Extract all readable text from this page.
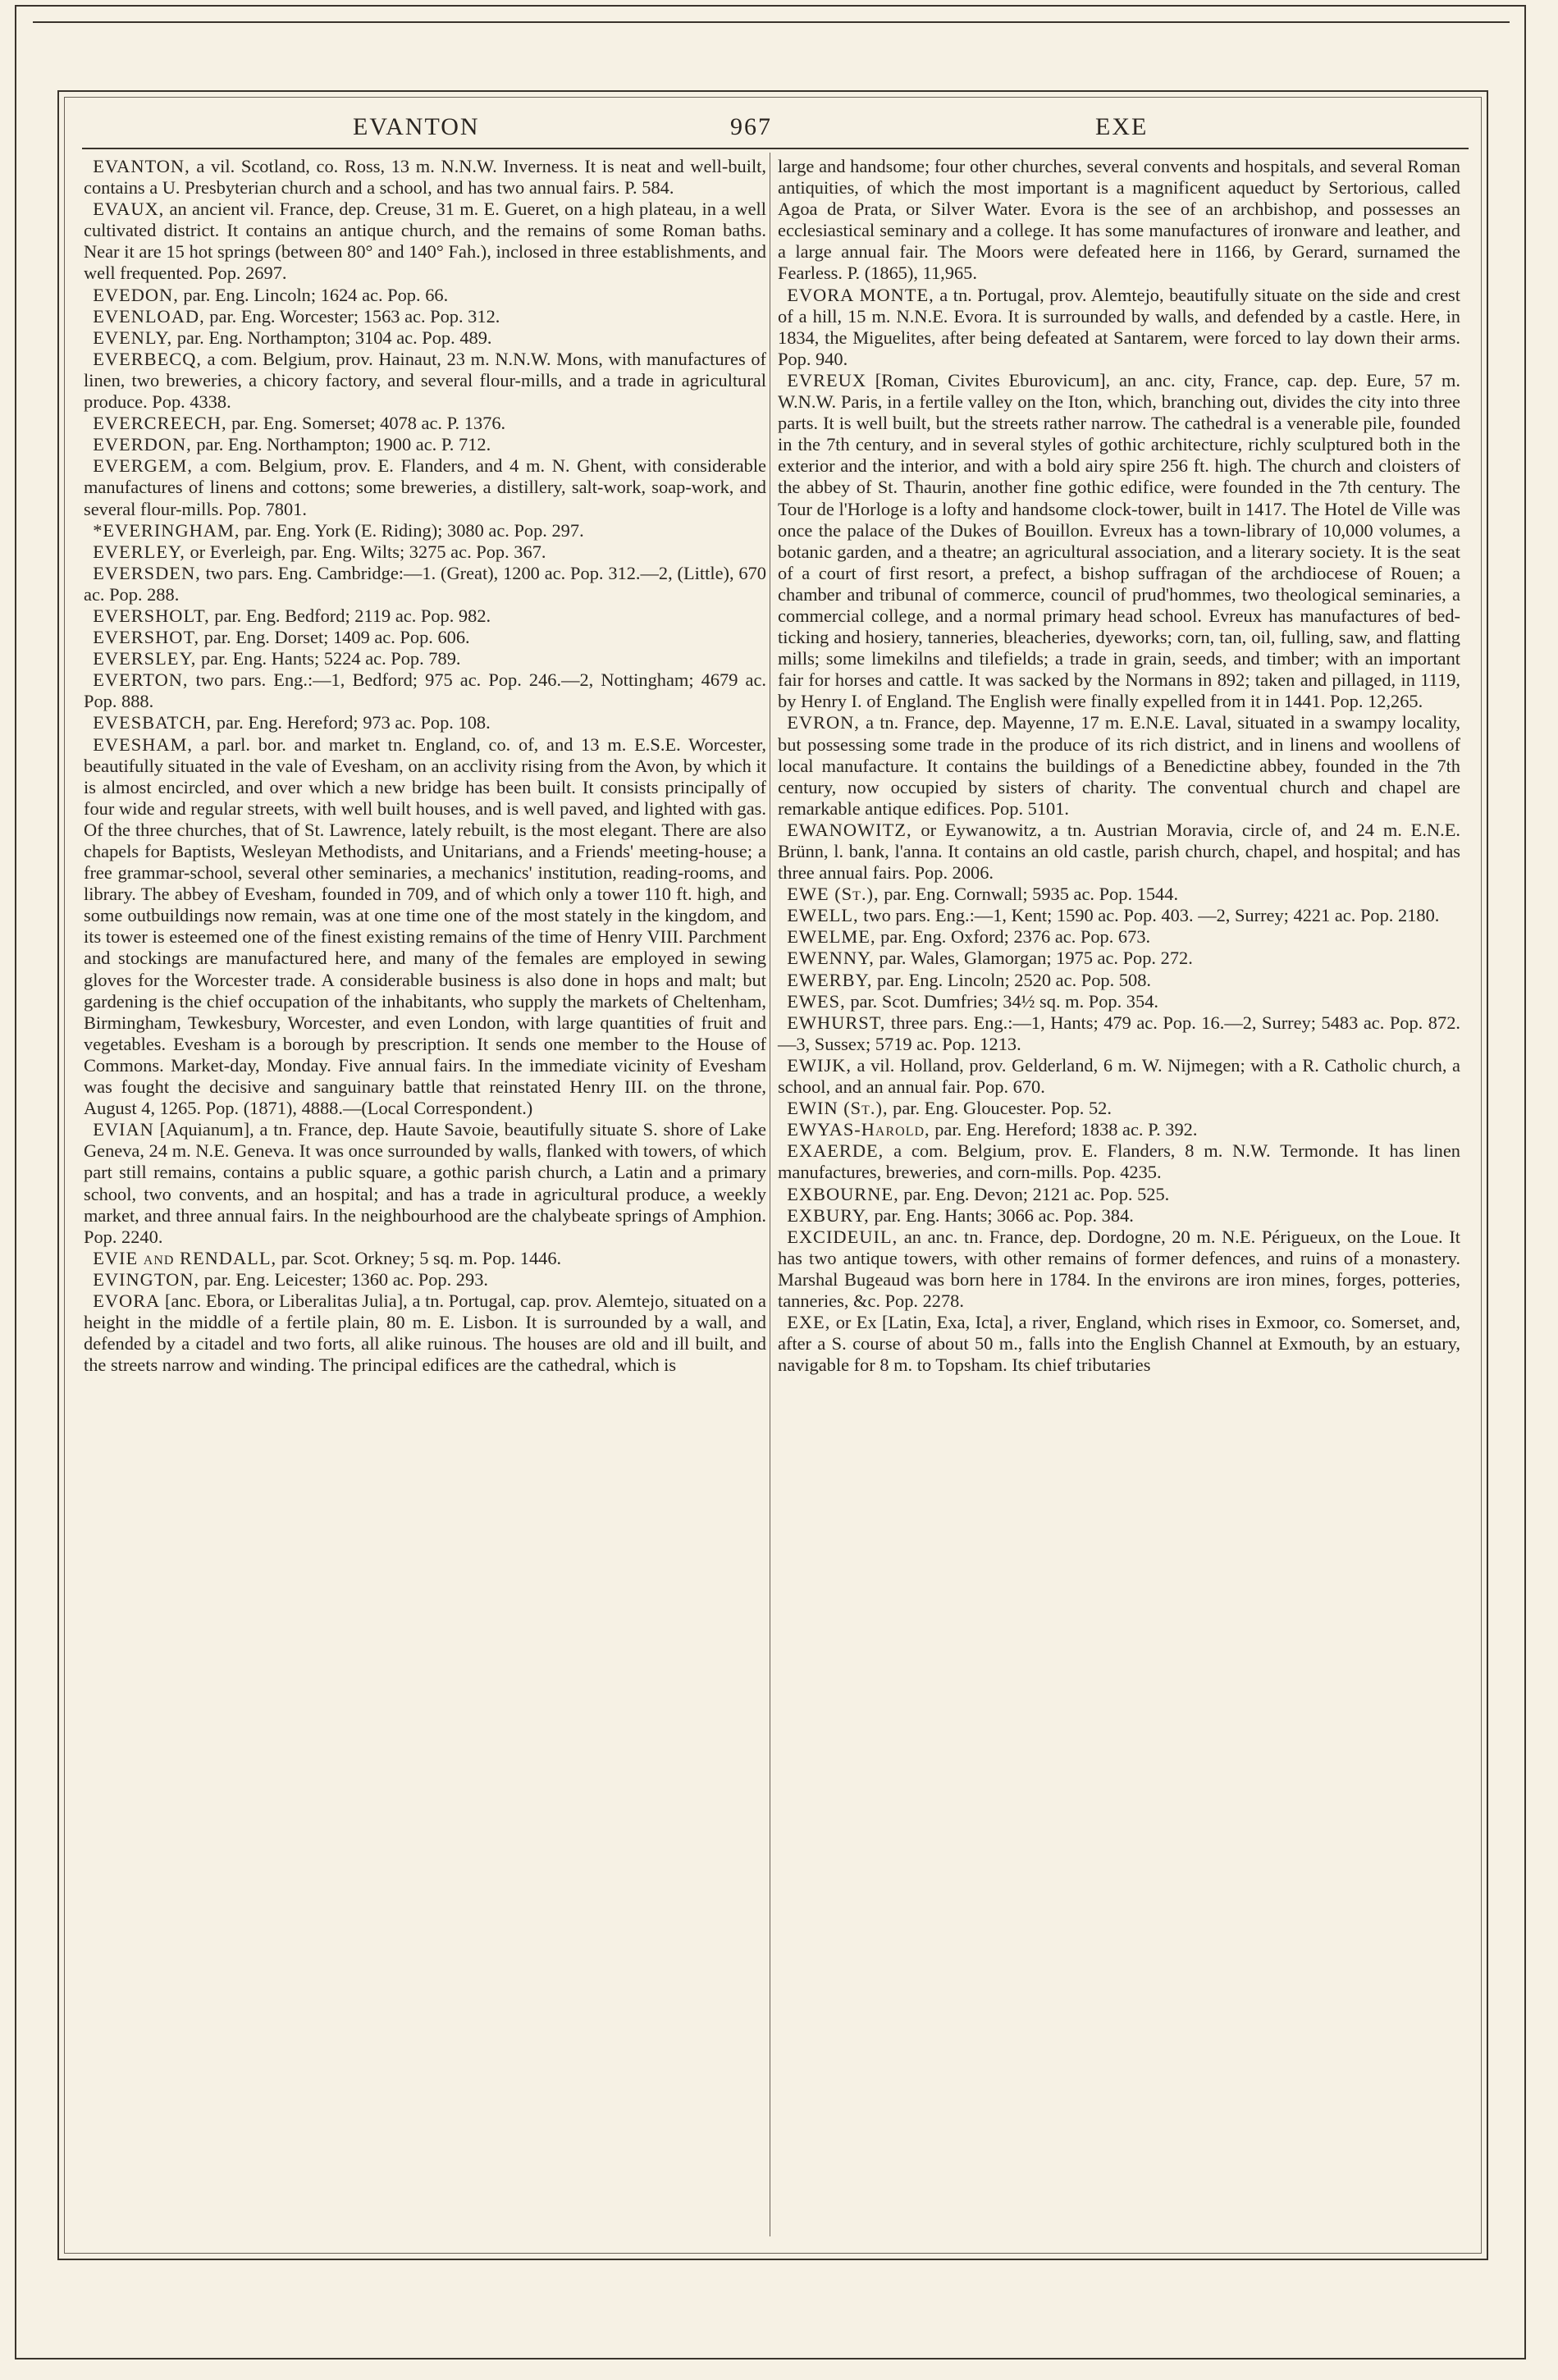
EVANTON	967	EXE

EVANTON, a vil. Scotland, co. Ross, 13 m. N.N.W. Inverness. It is neat and well-built, contains a U. Presbyterian church and a school, and has two annual fairs. P. 584.

EVAUX, an ancient vil. France, dep. Creuse, 31 m. E. Gueret, on a high plateau, in a well cultivated district. It contains an antique church, and the remains of some Roman baths. Near it are 15 hot springs (between 80° and 140° Fah.), inclosed in three establishments, and well frequented. Pop. 2697.

EVEDON, par. Eng. Lincoln; 1624 ac. Pop. 66.

EVENLOAD, par. Eng. Worcester; 1563 ac. Pop. 312.

EVENLY, par. Eng. Northampton; 3104 ac. Pop. 489.

EVERBECQ, a com. Belgium, prov. Hainaut, 23 m. N.N.W. Mons, with manufactures of linen, two breweries, a chicory factory, and several flour-mills, and a trade in agricultural produce. Pop. 4338.

EVERCREECH, par. Eng. Somerset; 4078 ac. P. 1376.

EVERDON, par. Eng. Northampton; 1900 ac. P. 712.

EVERGEM, a com. Belgium, prov. E. Flanders, and 4 m. N. Ghent, with considerable manufactures of linens and cottons; some breweries, a distillery, salt-work, soap-work, and several flour-mills. Pop. 7801.

*EVERINGHAM, par. Eng. York (E. Riding); 3080 ac. Pop. 297.

EVERLEY, or Everleigh, par. Eng. Wilts; 3275 ac. Pop. 367.

EVERSDEN, two pars. Eng. Cambridge:—1. (Great), 1200 ac. Pop. 312.—2, (Little), 670 ac. Pop. 288.

EVERSHOLT, par. Eng. Bedford; 2119 ac. Pop. 982.

EVERSHOT, par. Eng. Dorset; 1409 ac. Pop. 606.

EVERSLEY, par. Eng. Hants; 5224 ac. Pop. 789.

EVERTON, two pars. Eng.:—1, Bedford; 975 ac. Pop. 246.—2, Nottingham; 4679 ac. Pop. 888.

EVESBATCH, par. Eng. Hereford; 973 ac. Pop. 108.

EVESHAM, a parl. bor. and market tn. England, co. of, and 13 m. E.S.E. Worcester, beautifully situated in the vale of Evesham, on an acclivity rising from the Avon, by which it is almost encircled, and over which a new bridge has been built. It consists principally of four wide and regular streets, with well built houses, and is well paved, and lighted with gas. Of the three churches, that of St. Lawrence, lately rebuilt, is the most elegant. There are also chapels for Baptists, Wesleyan Methodists, and Unitarians, and a Friends' meeting-house; a free grammar-school, several other seminaries, a mechanics' institution, reading-rooms, and library. The abbey of Evesham, founded in 709, and of which only a tower 110 ft. high, and some outbuildings now remain, was at one time one of the most stately in the kingdom, and its tower is esteemed one of the finest existing remains of the time of Henry VIII. Parchment and stockings are manufactured here, and many of the females are employed in sewing gloves for the Worcester trade. A considerable business is also done in hops and malt; but gardening is the chief occupation of the inhabitants, who supply the markets of Cheltenham, Birmingham, Tewkesbury, Worcester, and even London, with large quantities of fruit and vegetables. Evesham is a borough by prescription. It sends one member to the House of Commons. Market-day, Monday. Five annual fairs. In the immediate vicinity of Evesham was fought the decisive and sanguinary battle that reinstated Henry III. on the throne, August 4, 1265. Pop. (1871), 4888.—(Local Correspondent.)

EVIAN [Aquianum], a tn. France, dep. Haute Savoie, beautifully situate S. shore of Lake Geneva, 24 m. N.E. Geneva. It was once surrounded by walls, flanked with towers, of which part still remains, contains a public square, a gothic parish church, a Latin and a primary school, two convents, and an hospital; and has a trade in agricultural produce, a weekly market, and three annual fairs. In the neighbourhood are the chalybeate springs of Amphion. Pop. 2240.

EVIE and RENDALL, par. Scot. Orkney; 5 sq. m. Pop. 1446.

EVINGTON, par. Eng. Leicester; 1360 ac. Pop. 293.

EVORA [anc. Ebora, or Liberalitas Julia], a tn. Portugal, cap. prov. Alemtejo, situated on a height in the middle of a fertile plain, 80 m. E. Lisbon. It is surrounded by a wall, and defended by a citadel and two forts, all alike ruinous. The houses are old and ill built, and the streets narrow and winding. The principal edifices are the cathedral, which is

large and handsome; four other churches, several convents and hospitals, and several Roman antiquities, of which the most important is a magnificent aqueduct by Sertorious, called Agoa de Prata, or Silver Water. Evora is the see of an archbishop, and possesses an ecclesiastical seminary and a college. It has some manufactures of ironware and leather, and a large annual fair. The Moors were defeated here in 1166, by Gerard, surnamed the Fearless. P. (1865), 11,965.

EVORA MONTE, a tn. Portugal, prov. Alemtejo, beautifully situate on the side and crest of a hill, 15 m. N.N.E. Evora. It is surrounded by walls, and defended by a castle. Here, in 1834, the Miguelites, after being defeated at Santarem, were forced to lay down their arms. Pop. 940.

EVREUX [Roman, Civites Eburovicum], an anc. city, France, cap. dep. Eure, 57 m. W.N.W. Paris, in a fertile valley on the Iton, which, branching out, divides the city into three parts. It is well built, but the streets rather narrow. The cathedral is a venerable pile, founded in the 7th century, and in several styles of gothic architecture, richly sculptured both in the exterior and the interior, and with a bold airy spire 256 ft. high. The church and cloisters of the abbey of St. Thaurin, another fine gothic edifice, were founded in the 7th century. The Tour de l'Horloge is a lofty and handsome clock-tower, built in 1417. The Hotel de Ville was once the palace of the Dukes of Bouillon. Evreux has a town-library of 10,000 volumes, a botanic garden, and a theatre; an agricultural association, and a literary society. It is the seat of a court of first resort, a prefect, a bishop suffragan of the archdiocese of Rouen; a chamber and tribunal of commerce, council of prud'hommes, two theological seminaries, a commercial college, and a normal primary head school. Evreux has manufactures of bed-ticking and hosiery, tanneries, bleacheries, dyeworks; corn, tan, oil, fulling, saw, and flatting mills; some limekilns and tilefields; a trade in grain, seeds, and timber; with an important fair for horses and cattle. It was sacked by the Normans in 892; taken and pillaged, in 1119, by Henry I. of England. The English were finally expelled from it in 1441. Pop. 12,265.

EVRON, a tn. France, dep. Mayenne, 17 m. E.N.E. Laval, situated in a swampy locality, but possessing some trade in the produce of its rich district, and in linens and woollens of local manufacture. It contains the buildings of a Benedictine abbey, founded in the 7th century, now occupied by sisters of charity. The conventual church and chapel are remarkable antique edifices. Pop. 5101.

EWANOWITZ, or Eywanowitz, a tn. Austrian Moravia, circle of, and 24 m. E.N.E. Brünn, l. bank, l'anna. It contains an old castle, parish church, chapel, and hospital; and has three annual fairs. Pop. 2006.

EWE (St.), par. Eng. Cornwall; 5935 ac. Pop. 1544.

EWELL, two pars. Eng.:—1, Kent; 1590 ac. Pop. 403. —2, Surrey; 4221 ac. Pop. 2180.

EWELME, par. Eng. Oxford; 2376 ac. Pop. 673.

EWENNY, par. Wales, Glamorgan; 1975 ac. Pop. 272.

EWERBY, par. Eng. Lincoln; 2520 ac. Pop. 508.

EWES, par. Scot. Dumfries; 34½ sq. m. Pop. 354.

EWHURST, three pars. Eng.:—1, Hants; 479 ac. Pop. 16.—2, Surrey; 5483 ac. Pop. 872.—3, Sussex; 5719 ac. Pop. 1213.

EWIJK, a vil. Holland, prov. Gelderland, 6 m. W. Nijmegen; with a R. Catholic church, a school, and an annual fair. Pop. 670.

EWIN (St.), par. Eng. Gloucester. Pop. 52.

EWYAS-Harold, par. Eng. Hereford; 1838 ac. P. 392.

EXAERDE, a com. Belgium, prov. E. Flanders, 8 m. N.W. Termonde. It has linen manufactures, breweries, and corn-mills. Pop. 4235.

EXBOURNE, par. Eng. Devon; 2121 ac. Pop. 525.

EXBURY, par. Eng. Hants; 3066 ac. Pop. 384.

EXCIDEUIL, an anc. tn. France, dep. Dordogne, 20 m. N.E. Périgueux, on the Loue. It has two antique towers, with other remains of former defences, and ruins of a monastery. Marshal Bugeaud was born here in 1784. In the environs are iron mines, forges, potteries, tanneries, &c. Pop. 2278.

EXE, or Ex [Latin, Exa, Icta], a river, England, which rises in Exmoor, co. Somerset, and, after a S. course of about 50 m., falls into the English Channel at Exmouth, by an estuary, navigable for 8 m. to Topsham. Its chief tributaries
